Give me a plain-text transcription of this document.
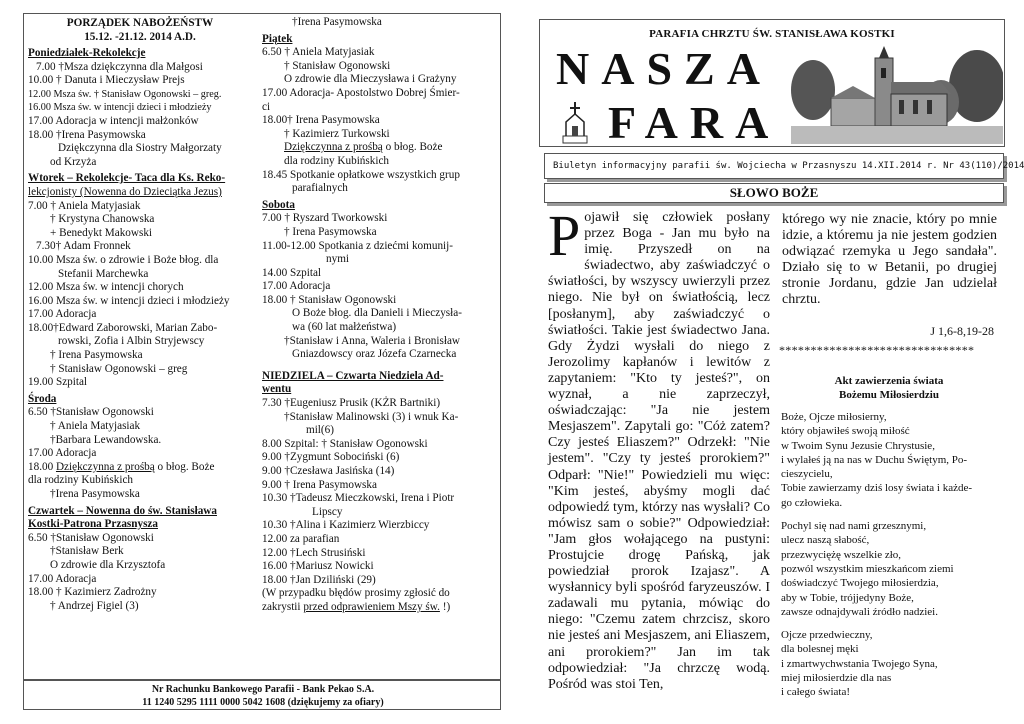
PORZĄDEK NABOŻEŃSTW
15.12. -21.12. 2014 A.D.
Poniedziałek-Rekolekcje
7.00 †Msza dziękczynna dla Małgosi
10.00 † Danuta i Mieczysław Prejs
12.00 Msza św. † Stanisław Ogonowski – greg.
16.00 Msza św. w intencji dzieci i młodzieży
17.00 Adoracja w intencji małżonków
18.00 †Irena Pasymowska
Dziękczynna dla Siostry Małgorzaty
od Krzyża
Wtorek – Rekolekcje- Taca dla Ks. Reko-
lekcjonisty (Nowenna do Dzieciątka Jezus)
7.00 † Aniela Matyjasiak
† Krystyna Chanowska
+ Benedykt Makowski
7.30† Adam Fronnek
10.00 Msza św. o zdrowie i Boże błog. dla
Stefanii Marchewka
12.00 Msza św. w intencji chorych
16.00 Msza św. w intencji dzieci i młodzieży
17.00 Adoracja
18.00†Edward Zaborowski, Marian Zabo-
rowski, Zofia i Albin Stryjewscy
† Irena Pasymowska
† Stanisław Ogonowski – greg
19.00 Szpital
Środa
6.50 †Stanisław Ogonowski
† Aniela Matyjasiak
†Barbara Lewandowska.
17.00 Adoracja
18.00 Dziękczynna z prośbą o błog. Boże
dla rodziny Kubińskich
†Irena Pasymowska
Czwartek – Nowenna do św. Stanisława
Kostki-Patrona Przasnysza
6.50 †Stanisław Ogonowski
†Stanisław Berk
O zdrowie dla Krzysztofa
17.00 Adoracja
18.00 † Kazimierz Zadrożny
† Andrzej Figiel (3)
†Irena Pasymowska
Piątek
6.50 † Aniela Matyjasiak
† Stanisław Ogonowski
O zdrowie dla Mieczysława i Grażyny
17.00 Adoracja- Apostolstwo Dobrej Śmier-
ci
18.00† Irena Pasymowska
† Kazimierz Turkowski
Dziękczynna z prośbą o błog. Boże
dla rodziny Kubińskich
18.45 Spotkanie opłatkowe wszystkich grup
parafialnych
Sobota
7.00 † Ryszard Tworkowski
† Irena Pasymowska
11.00-12.00 Spotkania z dziećmi komunij-
nymi
14.00 Szpital
17.00 Adoracja
18.00 † Stanisław Ogonowski
O Boże błog. dla Danieli i Mieczysła-
wa (60 lat małżeństwa)
†Stanisław i Anna, Waleria i Bronisław
Gniazdowscy oraz Józefa Czarnecka
NIEDZIELA – Czwarta Niedziela Ad-
wentu
7.30 †Eugeniusz Prusik (KŻR Bartniki)
†Stanisław Malinowski (3) i wnuk Ka-
mil(6)
8.00 Szpital: † Stanisław Ogonowski
9.00 †Zygmunt Sobociński (6)
9.00 †Czesława Jasińska (14)
9.00 † Irena Pasymowska
10.30 †Tadeusz Mieczkowski, Irena i Piotr
Lipscy
10.30 †Alina i Kazimierz Wierzbiccy
12.00 za parafian
12.00 †Lech Strusiński
16.00 †Mariusz Nowicki
18.00 †Jan Dziliński (29)
(W przypadku błędów prosimy zgłosić do
zakrystii przed odprawieniem Mszy św. !)
Nr Rachunku Bankowego Parafii - Bank Pekao S.A.
11 1240 5295 1111 0000 5042 1608 (dziękujemy za ofiary)
PARAFIA CHRZTU ŚW. STANISŁAWA KOSTKI
NASZA
FARA
Biuletyn informacyjny parafii św. Wojciecha w Przasnyszu 14.XII.2014 r. Nr 43(110)/2014
SŁOWO BOŻE
Pojawił się człowiek posłany przez Boga - Jan mu było na imię. Przyszedł on na świadectwo, aby zaświadczyć o światłości, by wszyscy uwierzyli przez niego. Nie był on światłością, lecz [posłanym], aby zaświadczyć o światłości. Takie jest świadectwo Jana. Gdy Żydzi wysłali do niego z Jerozolimy kapłanów i lewitów z zapytaniem: "Kto ty jesteś?", on wyznał, a nie zaprzeczył, oświadczając: "Ja nie jestem Mesjaszem". Zapytali go: "Cóż zatem? Czy jesteś Eliaszem?" Odrzekł: "Nie jestem". "Czy ty jesteś prorokiem?" Odparł: "Nie!" Powiedzieli mu więc: "Kim jesteś, abyśmy mogli dać odpowiedź tym, którzy nas wysłali? Co mówisz sam o sobie?" Odpowiedział: "Jam głos wołającego na pustyni: Prostujcie drogę Pańską, jak powiedział prorok Izajasz". A wysłannicy byli spośród faryzeuszów. I zadawali mu pytania, mówiąc do niego: "Czemu zatem chrzcisz, skoro nie jesteś ani Mesjaszem, ani Eliaszem, ani prorokiem?" Jan im tak odpowiedział: "Ja chrzczę wodą. Pośród was stoi Ten,
którego wy nie znacie, który po mnie idzie, a któremu ja nie jestem godzien odwiązać rzemyka u Jego sandała". Działo się to w Betanii, po drugiej stronie Jordanu, gdzie Jan udzielał chrztu.
J 1,6-8,19-28
*******************************
Akt zawierzenia świata
Bożemu Miłosierdziu
Boże, Ojcze miłosierny,
który objawiłeś swoją miłość
w Twoim Synu Jezusie Chrystusie,
i wylałeś ją na nas w Duchu Świętym, Po-
cieszycielu,
Tobie zawierzamy dziś losy świata i każde-
go człowieka.
Pochyl się nad nami grzesznymi,
ulecz naszą słabość,
przezwyciężę wszelkie zło,
pozwól wszystkim mieszkańcom ziemi
doświadczyć Twojego miłosierdzia,
aby w Tobie, trójjedyny Boże,
zawsze odnajdywali źródło nadziei.
Ojcze przedwieczny,
dla bolesnej męki
i zmartwychwstania Twojego Syna,
miej miłosierdzie dla nas
i całego świata!
